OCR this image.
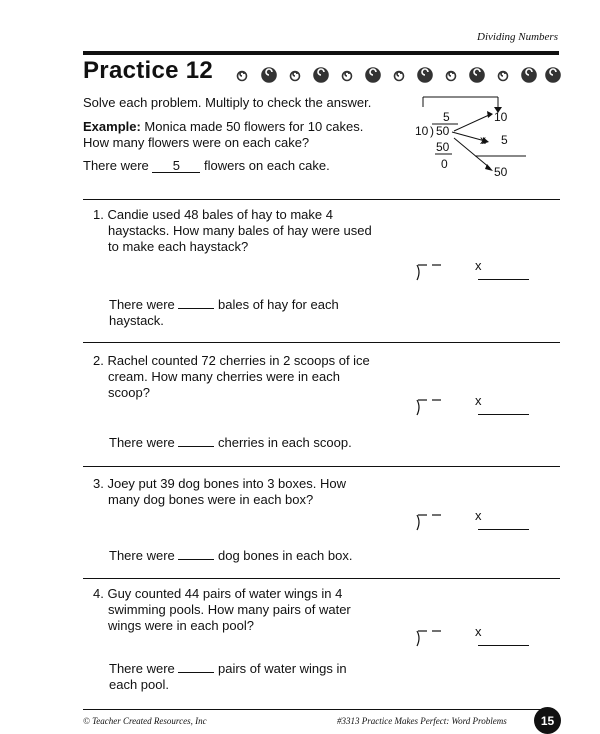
Dividing Numbers
Practice 12
Solve each problem. Multiply to check the answer.
Example: Monica made 50 flowers for 10 cakes.
How many flowers were on each cake?
There were 5 flowers on each cake.
5
10 ) 50
50
0
10
5
50
1. Candie used 48 bales of hay to make 4
haystacks. How many bales of hay were used
to make each haystack?
x
There were	bales of hay for each
haystack.
2. Rachel counted 72 cherries in 2 scoops of ice
cream. How many cherries were in each
scoop?
x
There were	cherries in each scoop.
3. Joey put 39 dog bones into 3 boxes. How
many dog bones were in each box?
x
There were	dog bones in each box.
4. Guy counted 44 pairs of water wings in 4
swimming pools. How many pairs of water
wings were in each pool?	x
There were	pairs of water wings in
each pool.
© Teacher Created Resources, Inc	#3313 Practice Makes Perfect: Word Problems	15
